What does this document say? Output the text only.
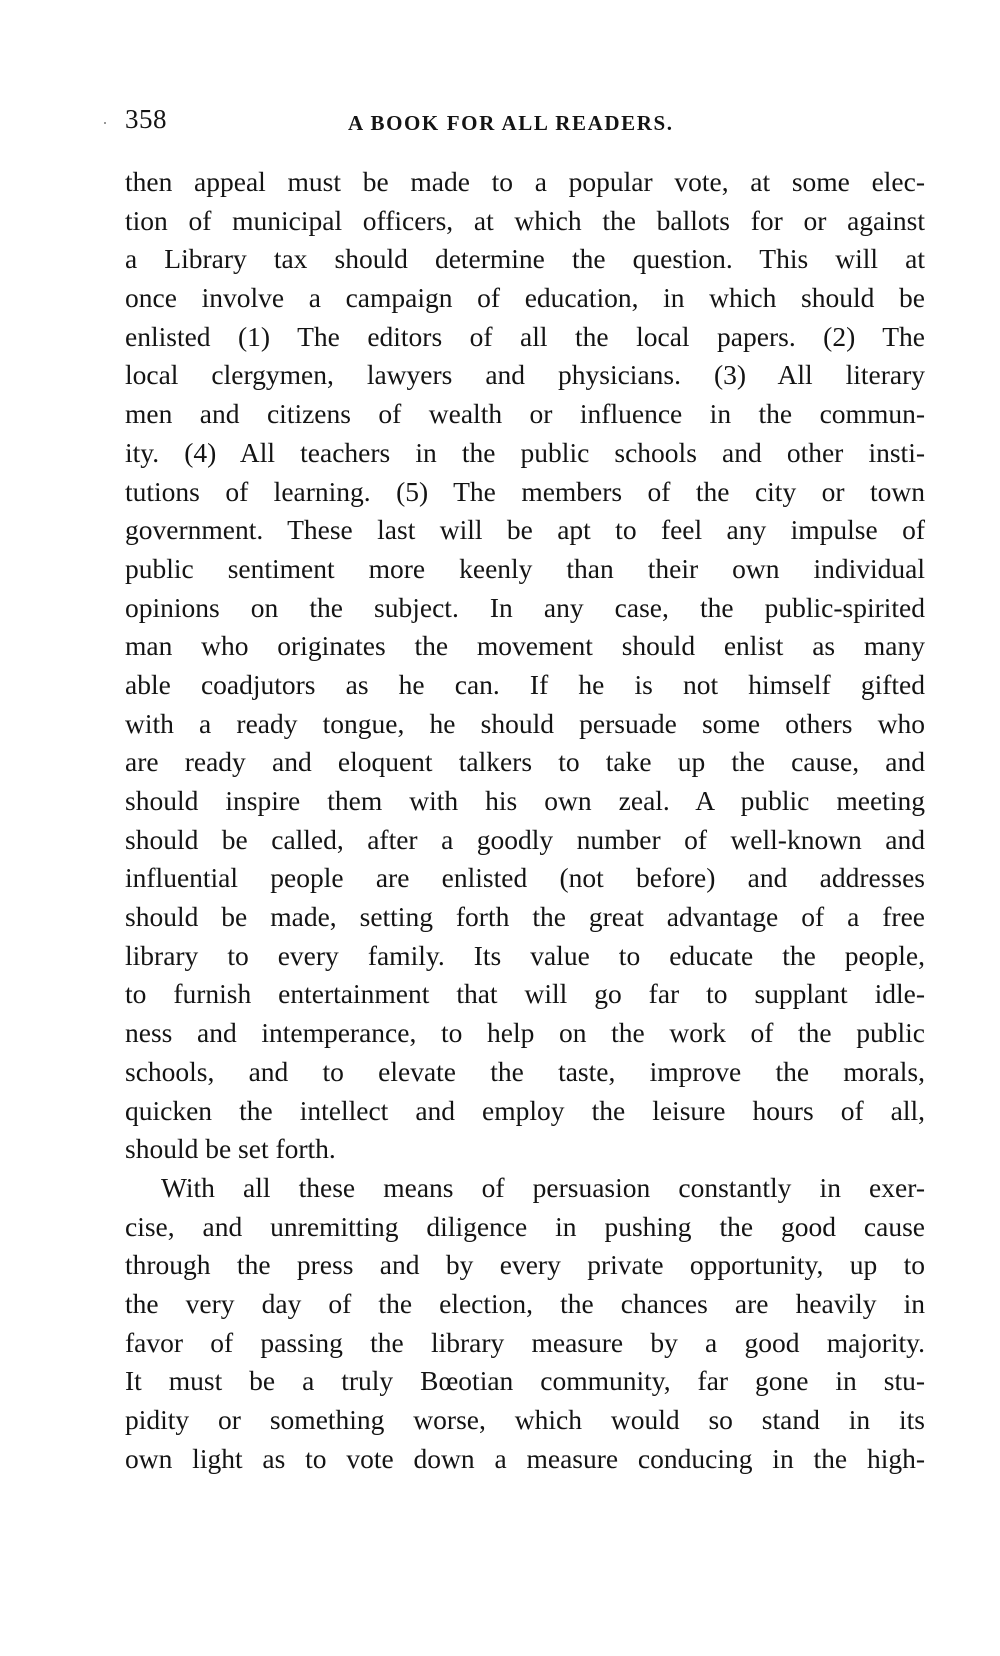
358	A BOOK FOR ALL READERS.
then appeal must be made to a popular vote, at some elec-
tion of municipal officers, at which the ballots for or against
a Library tax should determine the question. This will at
once involve a campaign of education, in which should be
enlisted (1) The editors of all the local papers. (2) The
local clergymen, lawyers and physicians. (3) All literary
men and citizens of wealth or influence in the commun-
ity. (4) All teachers in the public schools and other insti-
tutions of learning. (5) The members of the city or town
government. These last will be apt to feel any impulse of
public sentiment more keenly than their own individual
opinions on the subject. In any case, the public-spirited
man who originates the movement should enlist as many
able coadjutors as he can. If he is not himself gifted
with a ready tongue, he should persuade some others who
are ready and eloquent talkers to take up the cause, and
should inspire them with his own zeal. A public meeting
should be called, after a goodly number of well-known and
influential people are enlisted (not before) and addresses
should be made, setting forth the great advantage of a free
library to every family. Its value to educate the people,
to furnish entertainment that will go far to supplant idle-
ness and intemperance, to help on the work of the public
schools, and to elevate the taste, improve the morals,
quicken the intellect and employ the leisure hours of all,
should be set forth.
With all these means of persuasion constantly in exer-
cise, and unremitting diligence in pushing the good cause
through the press and by every private opportunity, up to
the very day of the election, the chances are heavily in
favor of passing the library measure by a good majority.
It must be a truly Bœotian community, far gone in stu-
pidity or something worse, which would so stand in its
own light as to vote down a measure conducing in the high-
